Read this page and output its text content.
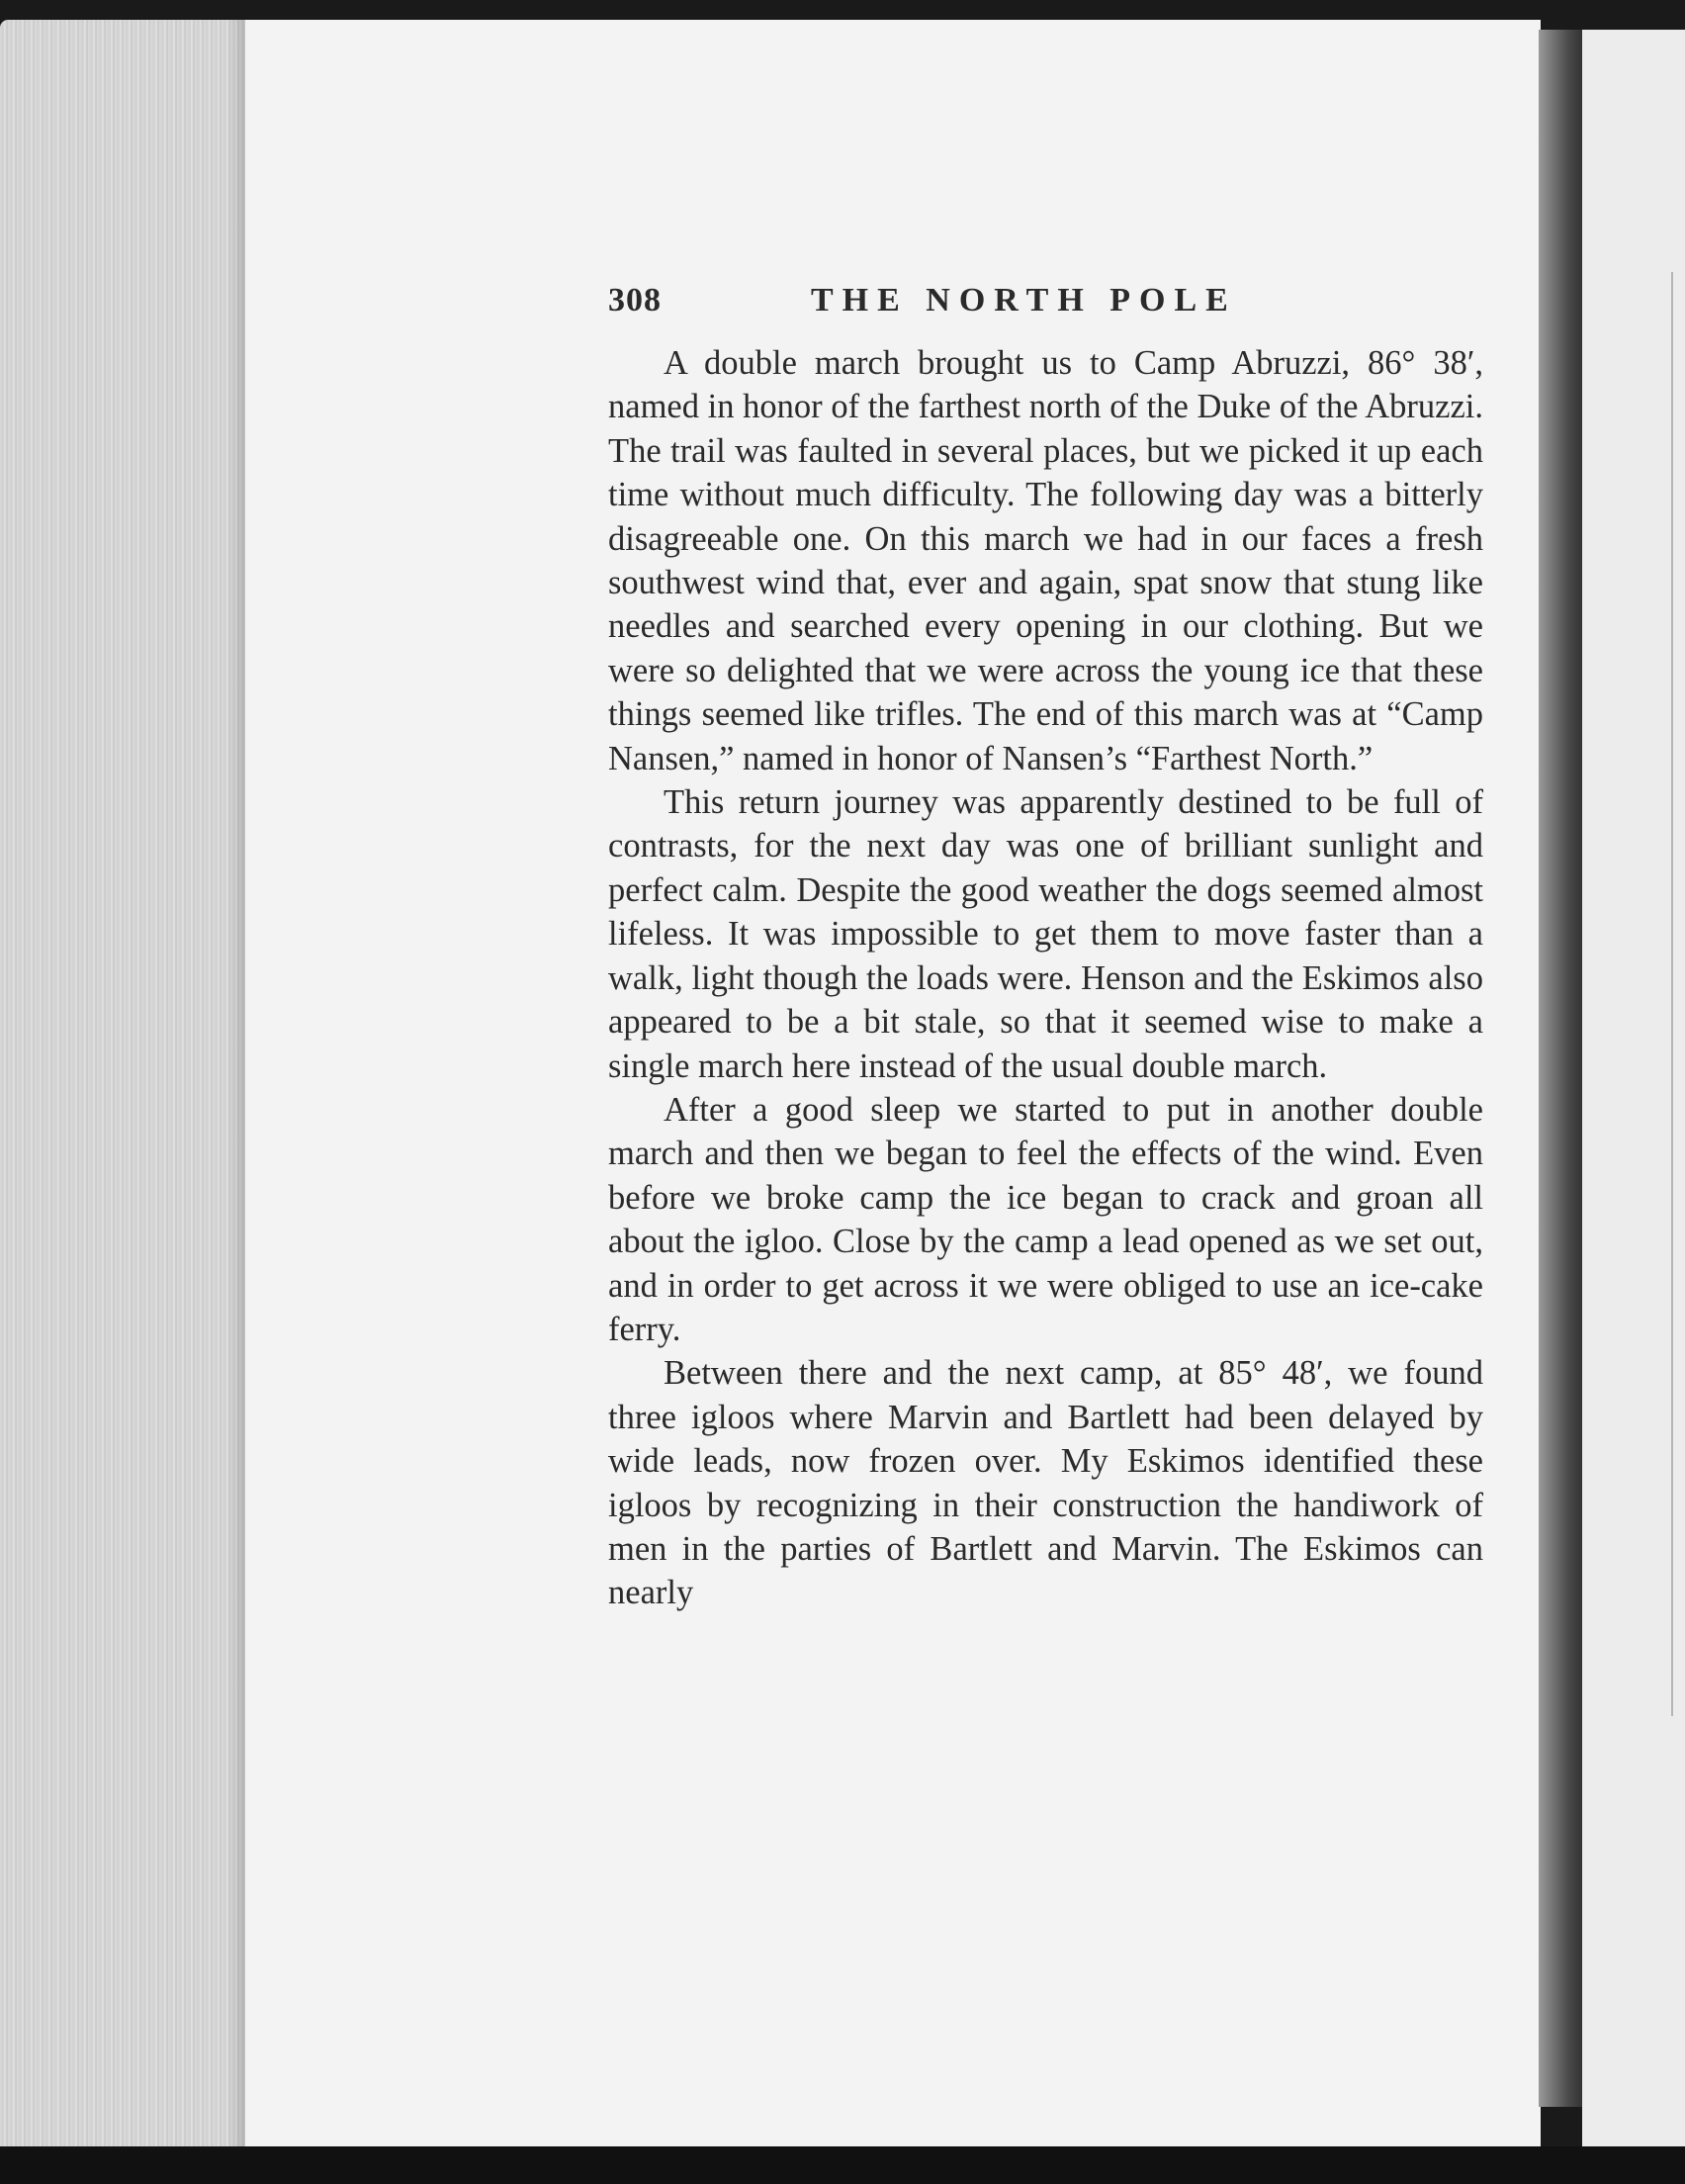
308	THE NORTH POLE

A double march brought us to Camp Abruzzi, 86° 38′, named in honor of the farthest north of the Duke of the Abruzzi. The trail was faulted in several places, but we picked it up each time without much difficulty. The following day was a bitterly disagreeable one. On this march we had in our faces a fresh southwest wind that, ever and again, spat snow that stung like needles and searched every opening in our clothing. But we were so delighted that we were across the young ice that these things seemed like trifles. The end of this march was at “Camp Nansen,” named in honor of Nansen’s “Farthest North.”

This return journey was apparently destined to be full of contrasts, for the next day was one of brilliant sunlight and perfect calm. Despite the good weather the dogs seemed almost lifeless. It was impossible to get them to move faster than a walk, light though the loads were. Henson and the Eskimos also appeared to be a bit stale, so that it seemed wise to make a single march here instead of the usual double march.

After a good sleep we started to put in another double march and then we began to feel the effects of the wind. Even before we broke camp the ice began to crack and groan all about the igloo. Close by the camp a lead opened as we set out, and in order to get across it we were obliged to use an ice-cake ferry.

Between there and the next camp, at 85° 48′, we found three igloos where Marvin and Bartlett had been delayed by wide leads, now frozen over. My Eskimos identified these igloos by recognizing in their construction the handiwork of men in the parties of Bartlett and Marvin. The Eskimos can nearly
